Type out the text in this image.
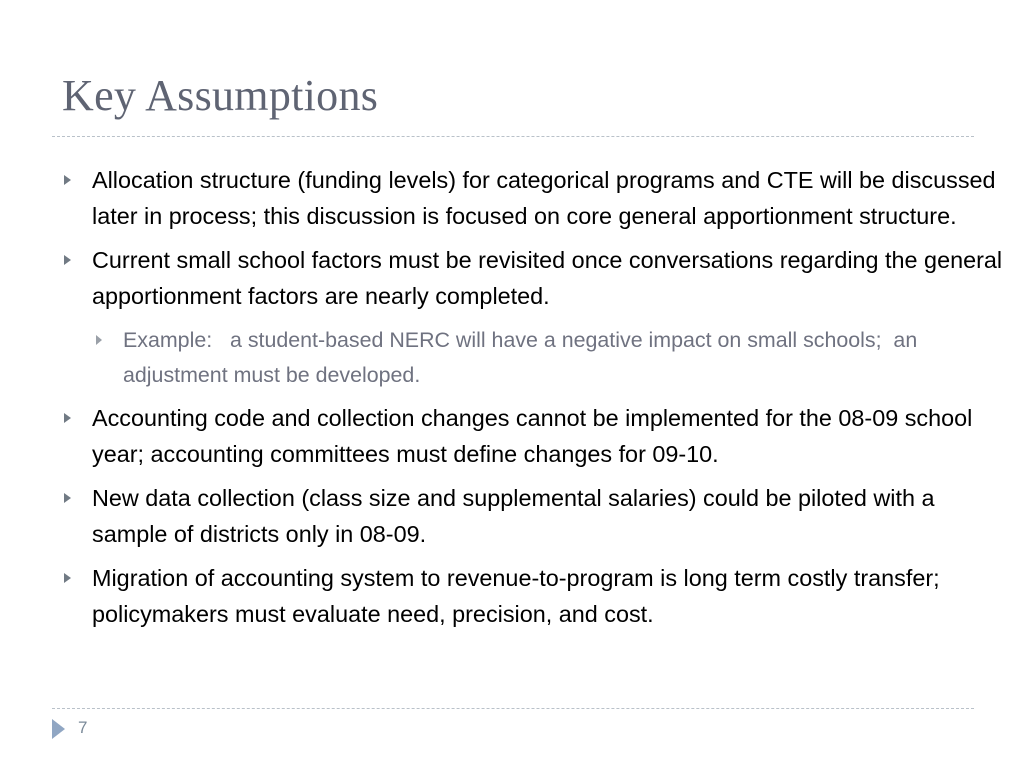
Key Assumptions
Allocation structure (funding levels) for categorical programs and CTE will be discussed later in process; this discussion is focused on core general apportionment structure.
Current small school factors must be revisited once conversations regarding the general apportionment factors are nearly completed.
Example:   a student-based NERC will have a negative impact on small schools;  an adjustment must be developed.
Accounting code and collection changes cannot be implemented for the 08-09 school year; accounting committees must define changes for 09-10.
New data collection (class size and supplemental salaries) could be piloted with a sample of districts only in 08-09.
Migration of accounting system to revenue-to-program is long term costly transfer; policymakers must evaluate need, precision, and cost.
7
